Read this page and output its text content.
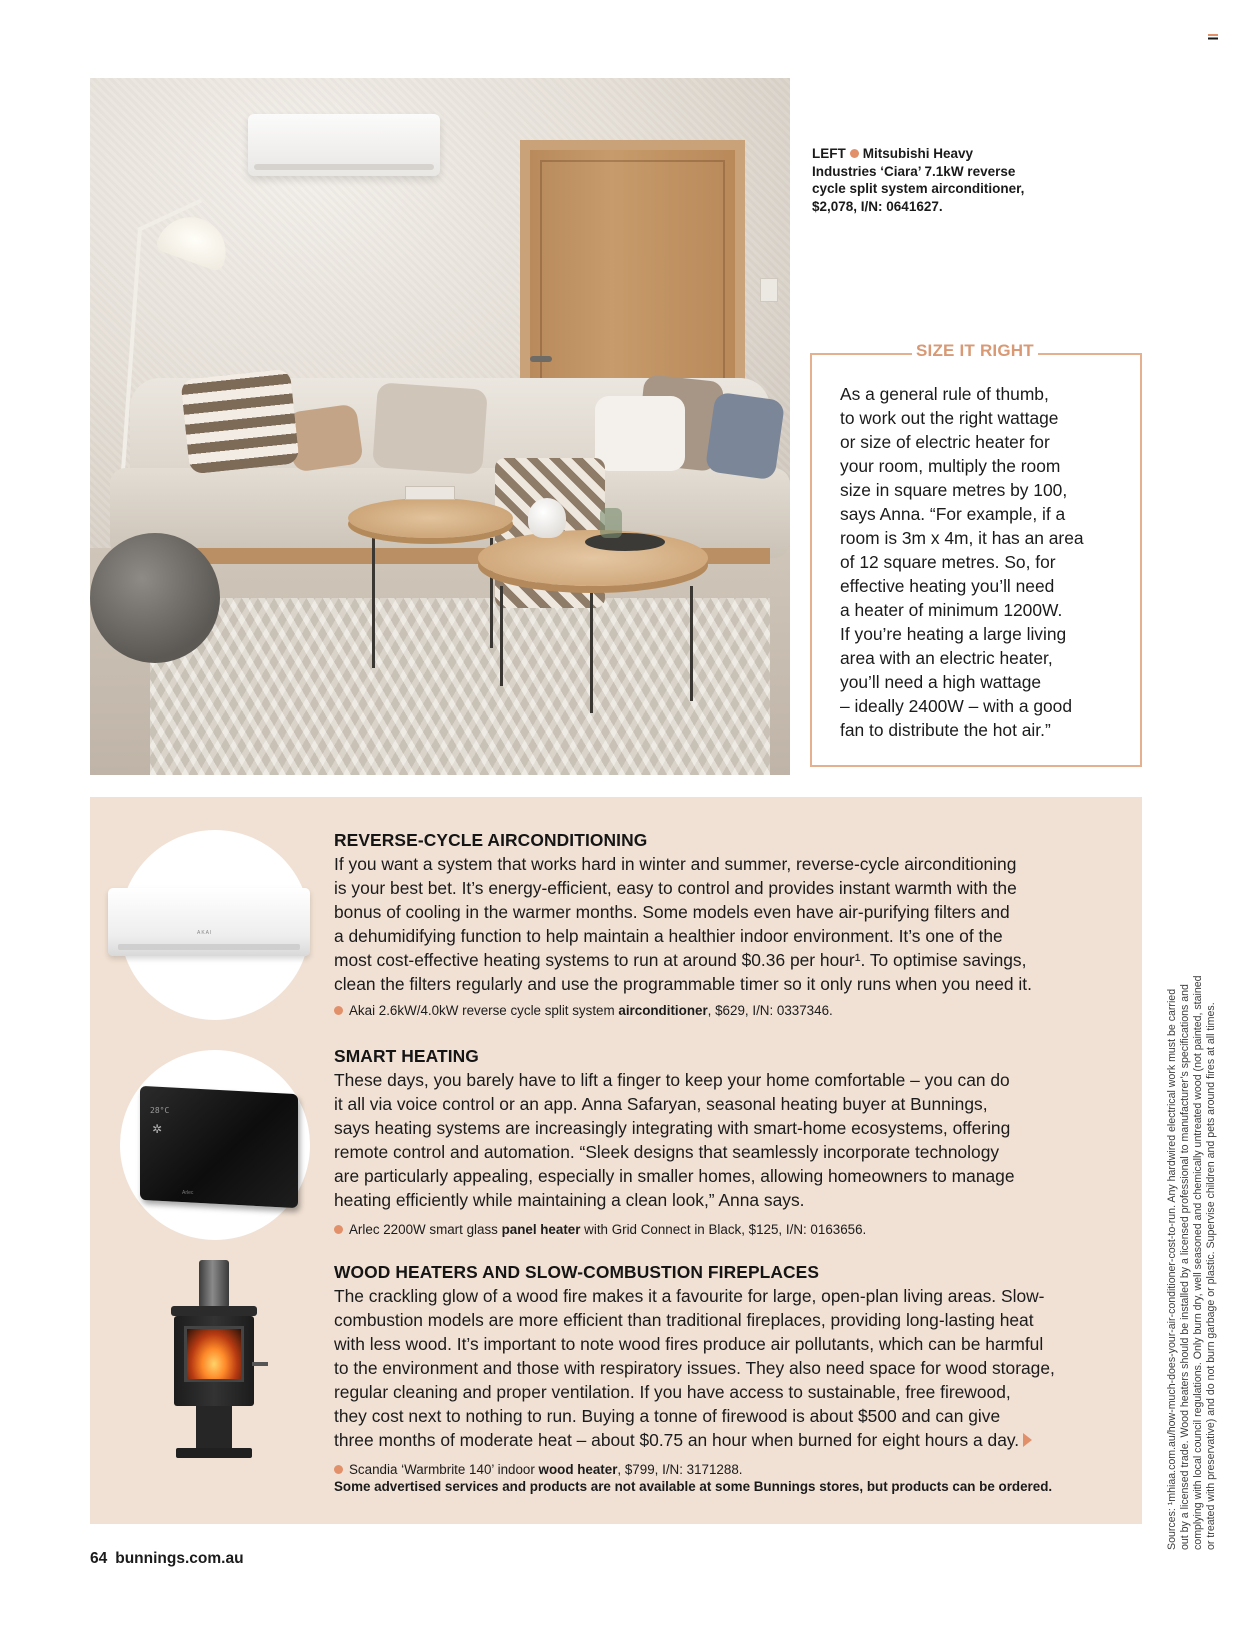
LEFT Mitsubishi Heavy
Industries ‘Ciara’ 7.1kW reverse
cycle split system airconditioner,
$2,078, I/N: 0641627.
SIZE IT RIGHT
As a general rule of thumb,
to work out the right wattage
or size of electric heater for
your room, multiply the room
size in square metres by 100,
says Anna. “For example, if a
room is 3m x 4m, it has an area
of 12 square metres. So, for
effective heating you’ll need
a heater of minimum 1200W.
If you’re heating a large living
area with an electric heater,
you’ll need a high wattage
– ideally 2400W – with a good
fan to distribute the hot air.”
AKAI
28°C
✲
Arlec
REVERSE-CYCLE AIRCONDITIONING
If you want a system that works hard in winter and summer, reverse-cycle airconditioning
is your best bet. It’s energy-efficient, easy to control and provides instant warmth with the
bonus of cooling in the warmer months. Some models even have air-purifying filters and
a dehumidifying function to help maintain a healthier indoor environment. It’s one of the
most cost-effective heating systems to run at around $0.36 per hour¹. To optimise savings,
clean the filters regularly and use the programmable timer so it only runs when you need it.
Akai 2.6kW/4.0kW reverse cycle split system airconditioner, $629, I/N: 0337346.
SMART HEATING
These days, you barely have to lift a finger to keep your home comfortable – you can do
it all via voice control or an app. Anna Safaryan, seasonal heating buyer at Bunnings,
says heating systems are increasingly integrating with smart-home ecosystems, offering
remote control and automation. “Sleek designs that seamlessly incorporate technology
are particularly appealing, especially in smaller homes, allowing homeowners to manage
heating efficiently while maintaining a clean look,” Anna says.
Arlec 2200W smart glass panel heater with Grid Connect in Black, $125, I/N: 0163656.
WOOD HEATERS AND SLOW-COMBUSTION FIREPLACES
The crackling glow of a wood fire makes it a favourite for large, open-plan living areas. Slow-
combustion models are more efficient than traditional fireplaces, providing long-lasting heat
with less wood. It’s important to note wood fires produce air pollutants, which can be harmful
to the environment and those with respiratory issues. They also need space for wood storage,
regular cleaning and proper ventilation. If you have access to sustainable, free firewood,
they cost next to nothing to run. Buying a tonne of firewood is about $500 and can give
three months of moderate heat – about $0.75 an hour when burned for eight hours a day.
Scandia ‘Warmbrite 140’ indoor wood heater, $799, I/N: 3171288.
Some advertised services and products are not available at some Bunnings stores, but products can be ordered.
64 bunnings.com.au
Sources: ¹mhiaa.com.au/how-much-does-your-air-conditioner-cost-to-run. Any hardwired electrical work must be carried out by a licensed trade. Wood heaters should be installed by a licensed professional to manufacturer’s specifications and complying with local council regulations. Only burn dry, well seasoned and chemically untreated wood (not painted, stained or treated with preservative) and do not burn garbage or plastic. Supervise children and pets around fires at all times.
